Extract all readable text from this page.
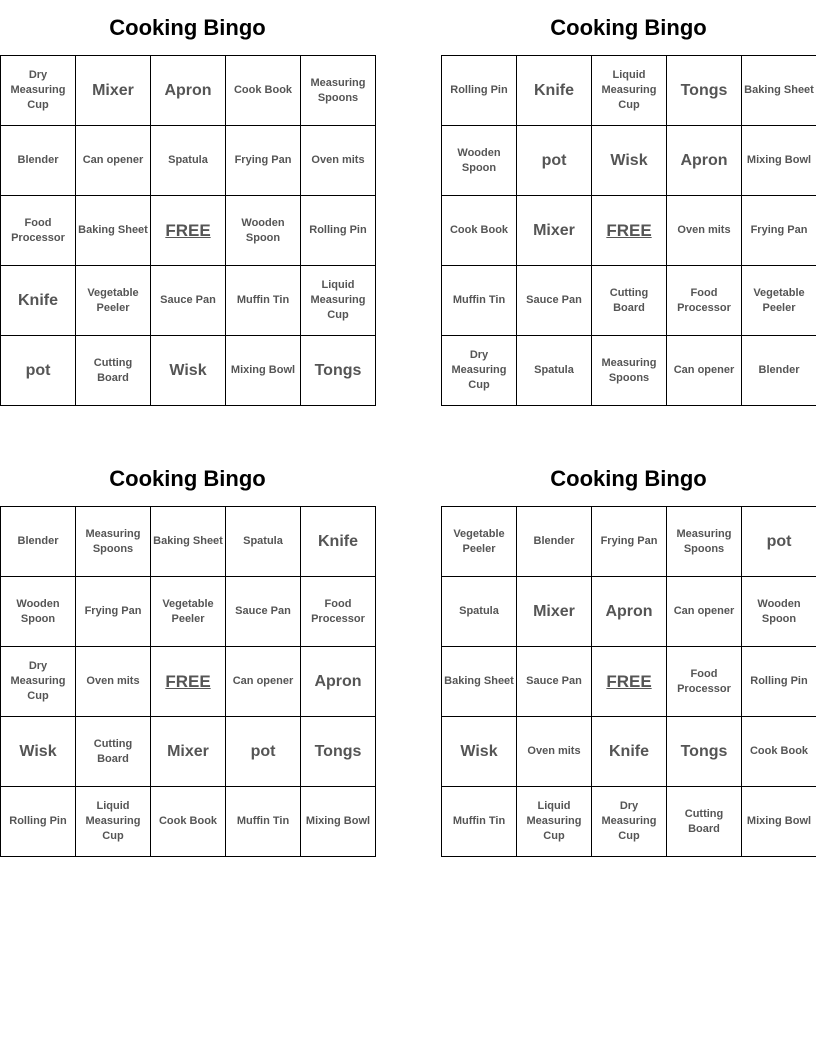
Cooking Bingo
Dry Measuring Cup	Mixer	Apron	Cook Book	Measuring Spoons
Blender	Can opener	Spatula	Frying Pan	Oven mits
Food Processor	Baking Sheet	FREE	Wooden Spoon	Rolling Pin
Knife	Vegetable Peeler	Sauce Pan	Muffin Tin	Liquid Measuring Cup
pot	Cutting Board	Wisk	Mixing Bowl	Tongs
Cooking Bingo
Rolling Pin	Knife	Liquid Measuring Cup	Tongs	Baking Sheet
Wooden Spoon	pot	Wisk	Apron	Mixing Bowl
Cook Book	Mixer	FREE	Oven mits	Frying Pan
Muffin Tin	Sauce Pan	Cutting Board	Food Processor	Vegetable Peeler
Dry Measuring Cup	Spatula	Measuring Spoons	Can opener	Blender
Cooking Bingo
Blender	Measuring Spoons	Baking Sheet	Spatula	Knife
Wooden Spoon	Frying Pan	Vegetable Peeler	Sauce Pan	Food Processor
Dry Measuring Cup	Oven mits	FREE	Can opener	Apron
Wisk	Cutting Board	Mixer	pot	Tongs
Rolling Pin	Liquid Measuring Cup	Cook Book	Muffin Tin	Mixing Bowl
Cooking Bingo
Vegetable Peeler	Blender	Frying Pan	Measuring Spoons	pot
Spatula	Mixer	Apron	Can opener	Wooden Spoon
Baking Sheet	Sauce Pan	FREE	Food Processor	Rolling Pin
Wisk	Oven mits	Knife	Tongs	Cook Book
Muffin Tin	Liquid Measuring Cup	Dry Measuring Cup	Cutting Board	Mixing Bowl
